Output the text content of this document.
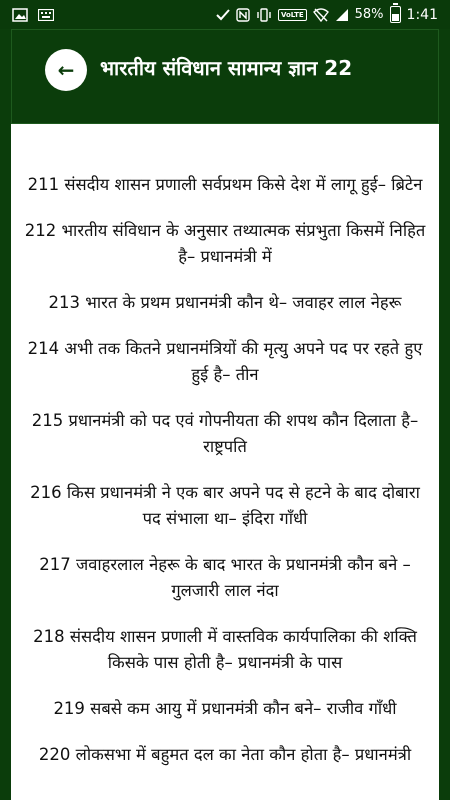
VoLTE	58% 1:41
← भारतीय संविधान सामान्य ज्ञान 22

211 संसदीय शासन प्रणाली सर्वप्रथम किसे देश में लागू हुई– ब्रिटेन

212 भारतीय संविधान के अनुसार तथ्यात्मक संप्रभुता किसमें निहित है– प्रधानमंत्री में

213 भारत के प्रथम प्रधानमंत्री कौन थे– जवाहर लाल नेहरू

214 अभी तक कितने प्रधानमंत्रियों की मृत्यु अपने पद पर रहते हुए हुई है– तीन

215 प्रधानमंत्री को पद एवं गोपनीयता की शपथ कौन दिलाता है– राष्ट्रपति

216 किस प्रधानमंत्री ने एक बार अपने पद से हटने के बाद दोबारा पद संभाला था– इंदिरा गाँधी

217 जवाहरलाल नेहरू के बाद भारत के प्रधानमंत्री कौन बने – गुलजारी लाल नंदा

218 संसदीय शासन प्रणाली में वास्तविक कार्यपालिका की शक्ति किसके पास होती है– प्रधानमंत्री के पास

219 सबसे कम आयु में प्रधानमंत्री कौन बने– राजीव गाँधी

220 लोकसभा में बहुमत दल का नेता कौन होता है– प्रधानमंत्री
